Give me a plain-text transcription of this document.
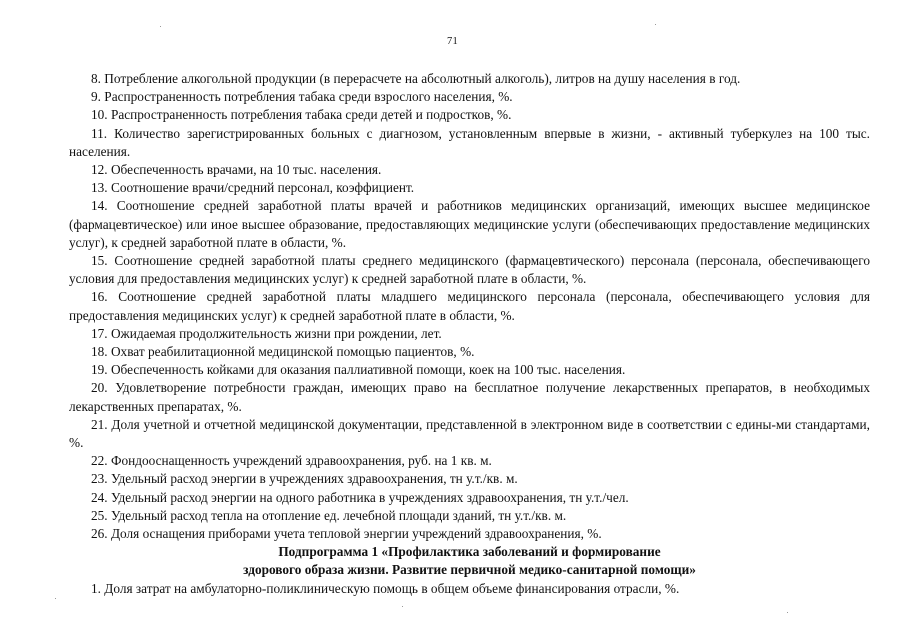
71

8. Потребление алкогольной продукции (в перерасчете на абсолютный алкоголь), литров на душу населения в год.

9. Распространенность потребления табака среди взрослого населения, %.

10. Распространенность потребления табака среди детей и подростков, %.

11. Количество зарегистрированных больных с диагнозом, установленным впервые в жизни, - активный туберкулез на 100 тыс. населения.

12. Обеспеченность врачами, на 10 тыс. населения.

13. Соотношение врачи/средний персонал, коэффициент.

14. Соотношение средней заработной платы врачей и работников медицинских организаций, имеющих высшее медицинское (фармацевтическое) или иное высшее образование, предоставляющих медицинские услуги (обеспечивающих предоставление медицинских услуг), к средней заработной плате в области, %.

15. Соотношение средней заработной платы среднего медицинского (фармацевтического) персонала (персонала, обеспечивающего условия для предоставления медицинских услуг) к средней заработной плате в области, %.

16. Соотношение средней заработной платы младшего медицинского персонала (персонала, обеспечивающего условия для предоставления медицинских услуг) к средней заработной плате в области, %.

17. Ожидаемая продолжительность жизни при рождении, лет.

18. Охват реабилитационной медицинской помощью пациентов, %.

19. Обеспеченность койками для оказания паллиативной помощи, коек на 100 тыс. населения.

20. Удовлетворение потребности граждан, имеющих право на бесплатное получение лекарственных препаратов, в необходимых лекарственных препаратах, %.

21. Доля учетной и отчетной медицинской документации, представленной в электронном виде в соответствии с едины-ми стандартами, %.

22. Фондооснащенность учреждений здравоохранения, руб. на 1 кв. м.

23. Удельный расход энергии в учреждениях здравоохранения, тн у.т./кв. м.

24. Удельный расход энергии на одного работника в учреждениях здравоохранения, тн у.т./чел.

25. Удельный расход тепла на отопление ед. лечебной площади зданий, тн у.т./кв. м.

26. Доля оснащения приборами учета тепловой энергии учреждений здравоохранения, %.

Подпрограмма 1 «Профилактика заболеваний и формирование
здорового образа жизни. Развитие первичной медико-санитарной помощи»

1. Доля затрат на амбулаторно-поликлиническую помощь в общем объеме финансирования отрасли, %.
